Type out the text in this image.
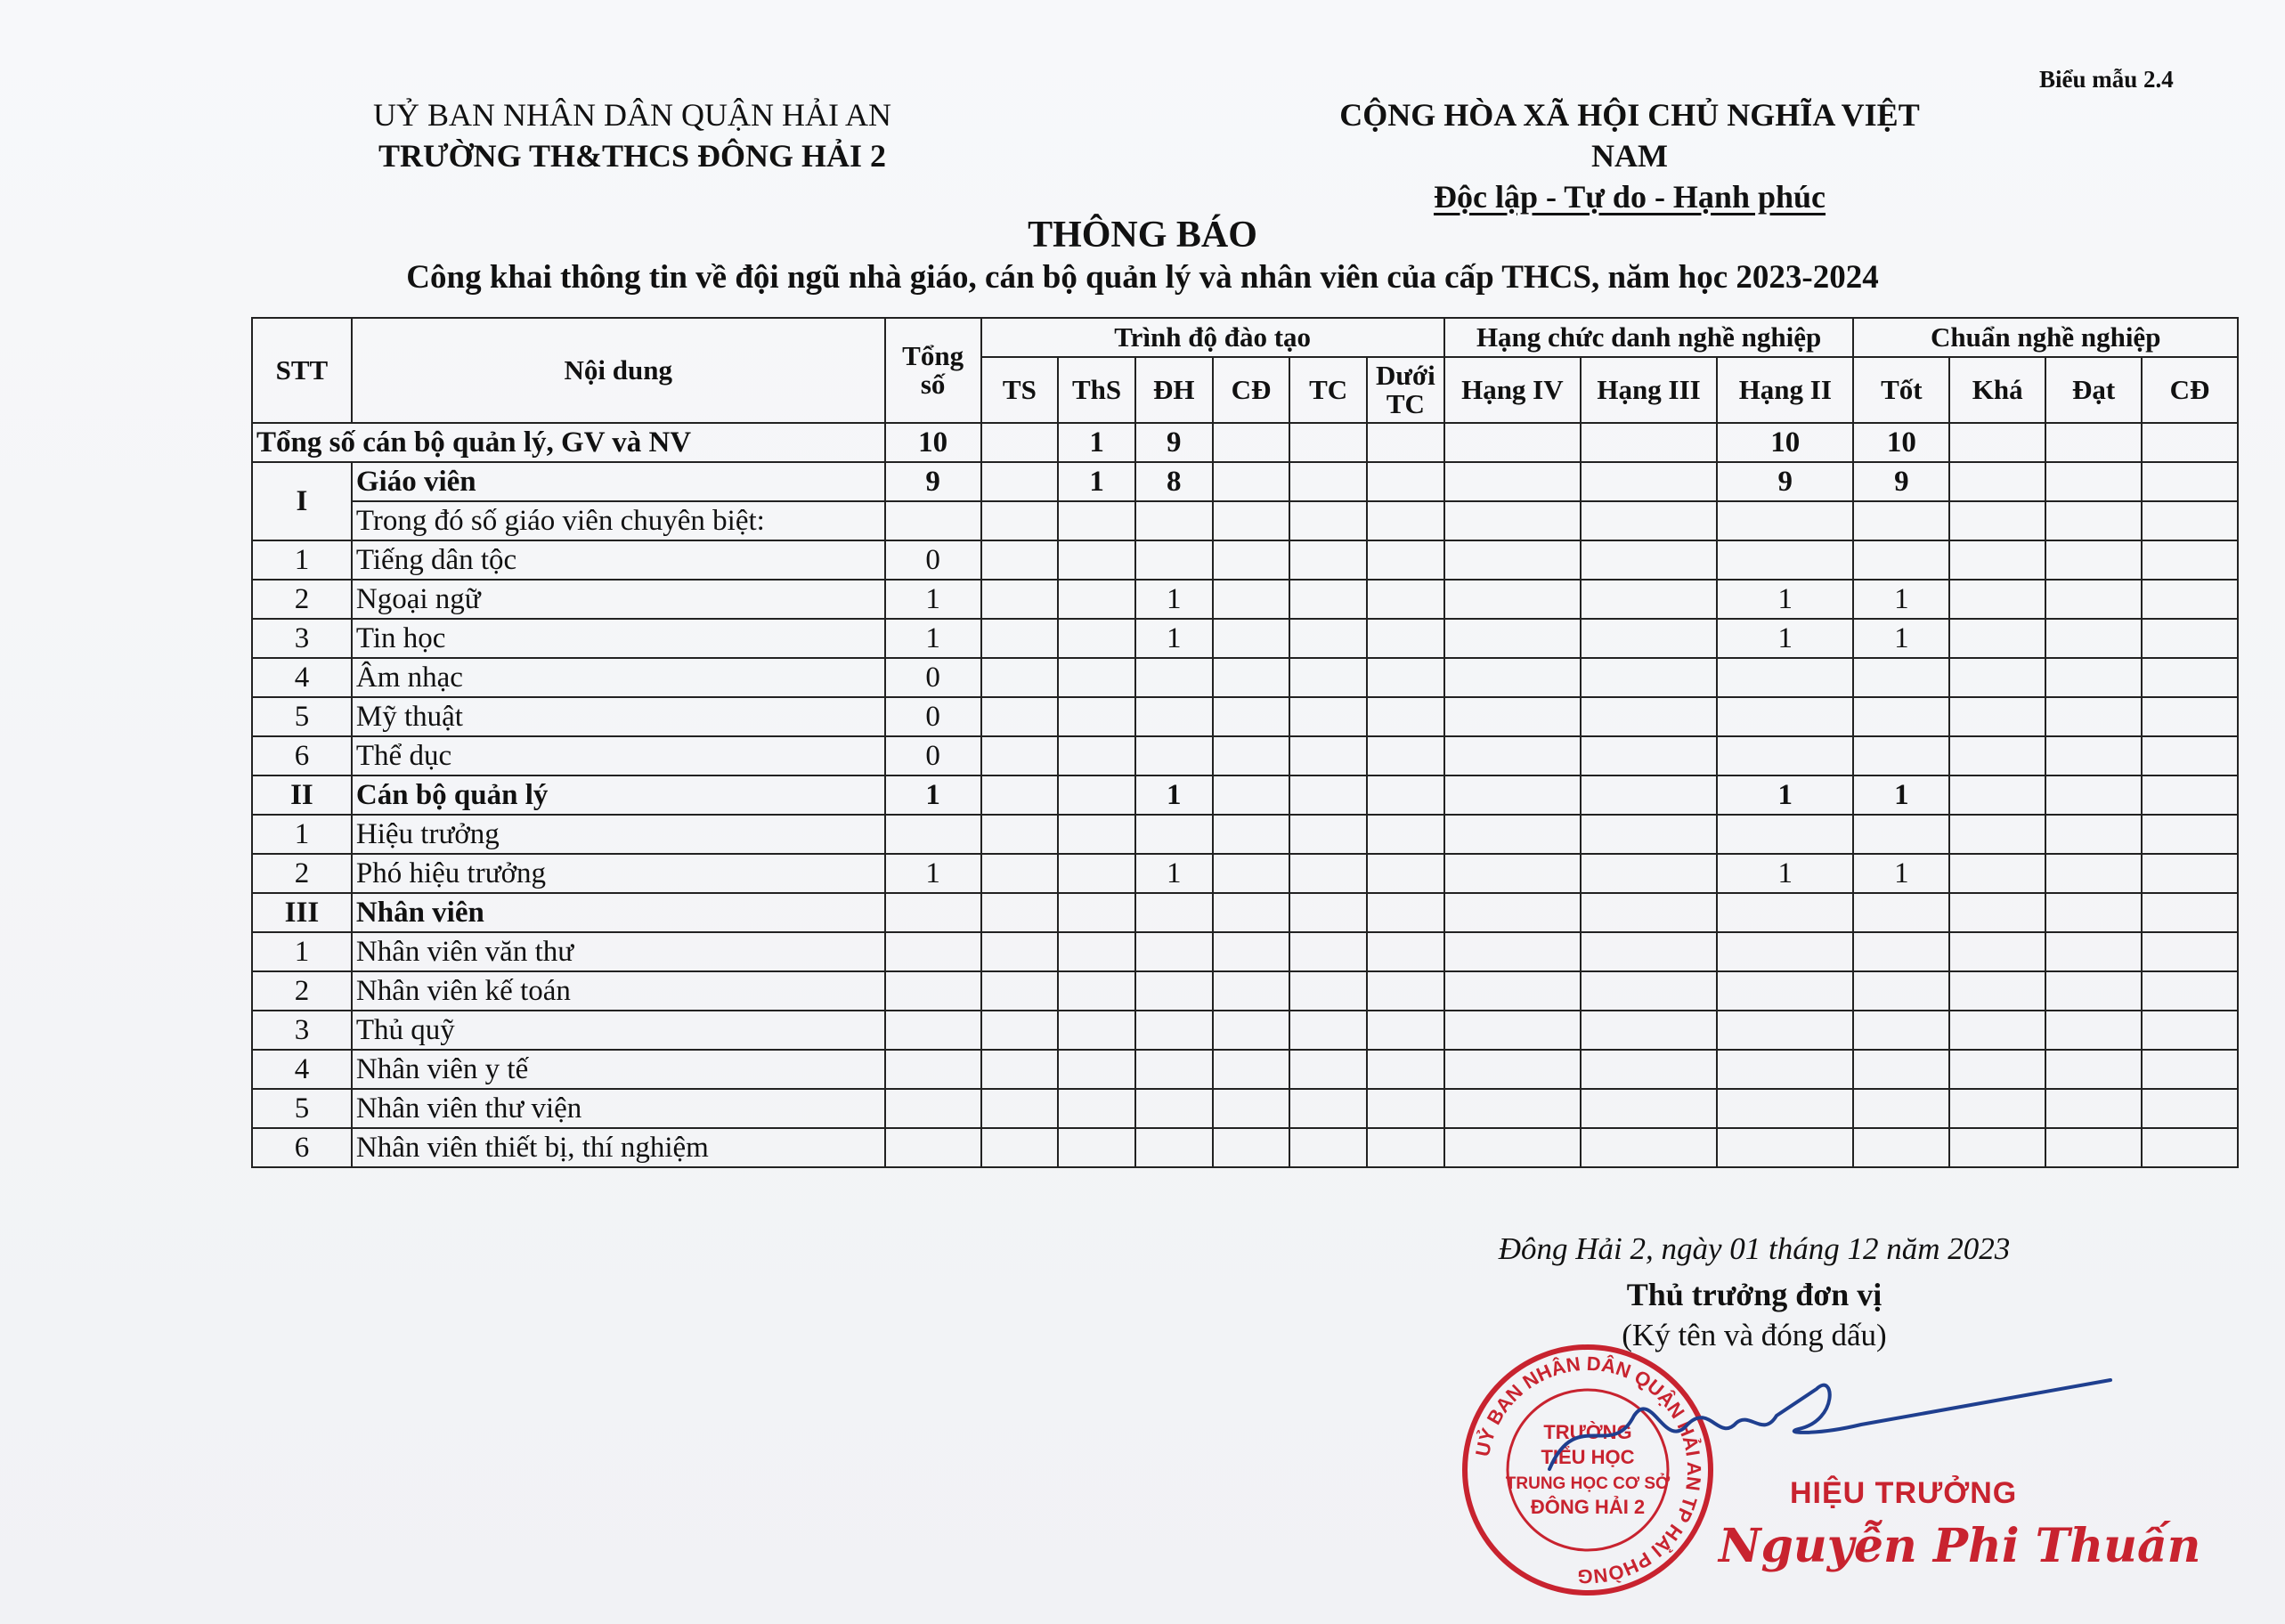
Biểu mẫu 2.4
UỶ BAN NHÂN DÂN QUẬN HẢI AN
TRƯỜNG TH&THCS ĐÔNG HẢI 2
CỘNG HÒA XÃ HỘI CHỦ NGHĨA VIỆT NAM
Độc lập - Tự do - Hạnh phúc
THÔNG BÁO
Công khai thông tin về đội ngũ nhà giáo, cán bộ quản lý và nhân viên của cấp THCS, năm học 2023-2024
STT	Nội dung	Tổng số	Trình độ đào tạo						Hạng chức danh nghề nghiệp			Chuẩn nghề nghiệp			
			TS	ThS	ĐH	CĐ	TC	Dưới TC	Hạng IV	Hạng III	Hạng II	Tốt	Khá	Đạt	CĐ
Tổng số cán bộ quản lý, GV và NV		10		1	9						10	10			
I	Giáo viên	9		1	8						9	9			
	Trong đó số giáo viên chuyên biệt:														
1	Tiếng dân tộc	0													
2	Ngoại ngữ	1			1						1	1			
3	Tin học	1			1						1	1			
4	Âm nhạc	0													
5	Mỹ thuật	0													
6	Thể dục	0													
II	Cán bộ quản lý	1			1						1	1			
1	Hiệu trưởng														
2	Phó hiệu trưởng	1			1						1	1			
III	Nhân viên														
1	Nhân viên văn thư														
2	Nhân viên kế toán														
3	Thủ quỹ														
4	Nhân viên y tế														
5	Nhân viên thư viện														
6	Nhân viên thiết bị, thí nghiệm														
Đông Hải 2, ngày 01 tháng 12 năm 2023
Thủ trưởng đơn vị
(Ký tên và đóng dấu)
UỶ BAN NHÂN DÂN QUẬN HẢI AN TP HẢI PHÒNG
TRƯỜNG
TIỂU HỌC
TRUNG HỌC CƠ SỞ
ĐÔNG HẢI 2	HIỆU TRƯỞNG
Nguyễn Phi Thuấn
